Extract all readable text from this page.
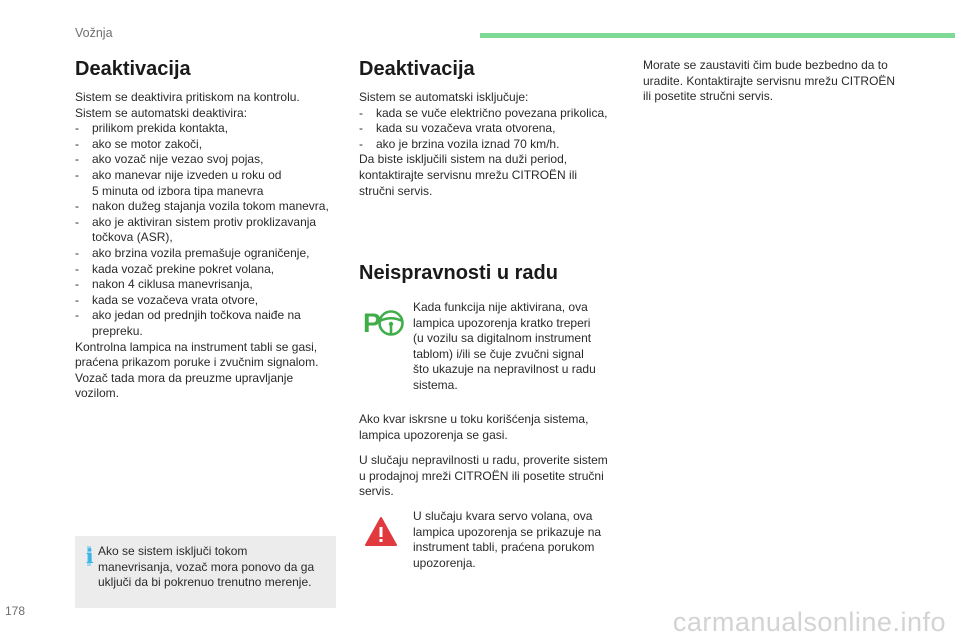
Vožnja
Deaktivacija
Sistem se deaktivira pritiskom na kontrolu.
Sistem se automatski deaktivira:
- prilikom prekida kontakta,
- ako se motor zakoči,
- ako vozač nije vezao svoj pojas,
- ako manevar nije izveden u roku od
5 minuta od izbora tipa manevra
- nakon dužeg stajanja vozila tokom manevra,
- ako je aktiviran sistem protiv proklizavanja
točkova (ASR),
- ako brzina vozila premašuje ograničenje,
- kada vozač prekine pokret volana,
- nakon 4 ciklusa manevrisanja,
- kada se vozačeva vrata otvore,
- ako jedan od prednjih točkova naiđe na
prepreku.
Kontrolna lampica na instrument tabli se gasi,
praćena prikazom poruke i zvučnim signalom.
Vozač tada mora da preuzme upravljanje
vozilom.
i Ako se sistem isključi tokom
manevrisanja, vozač mora ponovo da ga
uključi da bi pokrenuo trenutno merenje.
Deaktivacija
Sistem se automatski isključuje:
- kada se vuče električno povezana prikolica,
- kada su vozačeva vrata otvorena,
- ako je brzina vozila iznad 70 km/h.
Da biste isključili sistem na duži period,
kontaktirajte servisnu mrežu CITROËN ili
stručni servis.
Neispravnosti u radu
P
Kada funkcija nije aktivirana, ova
lampica upozorenja kratko treperi
(u vozilu sa digitalnom instrument
tablom) i/ili se čuje zvučni signal
što ukazuje na nepravilnost u radu
sistema.
Ako kvar iskrsne u toku korišćenja sistema,
lampica upozorenja se gasi.
U slučaju nepravilnosti u radu, proverite sistem
u prodajnoj mreži CITROËN ili posetite stručni
servis.
U slučaju kvara servo volana, ova
lampica upozorenja se prikazuje na
instrument tabli, praćena porukom
upozorenja.
Morate se zaustaviti čim bude bezbedno da to
uradite. Kontaktirajte servisnu mrežu CITROËN
ili posetite stručni servis.
178	carmanualsonline.info
